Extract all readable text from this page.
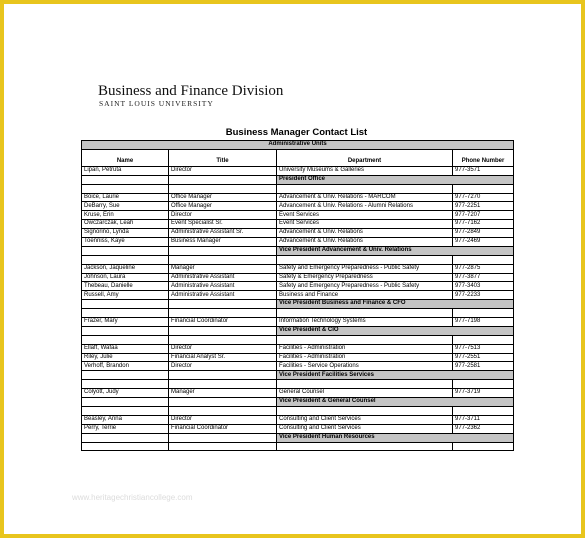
Business and Finance Division
SAINT LOUIS UNIVERSITY
www.heritagechristiancollege.com
Business Manager Contact List
Administrative Units			
Name	Title	Department	Phone Number
Lipan, Petruta	Director	University Museums & Galleries	977-3571
		President Office	

Boice, Laurie	Office Manager	Advancement & Univ. Relations - MARCOM	977-7270
DeBarry, Sue	Office Manager	Advancement & Univ. Relations - Alumni Relations	977-2251
Kruse, Erin	Director	Event Services	977-7207
Owczarczak, Leah	Event Specialist Sr.	Event Services	977-7162
Signorino, Lynda	Administrative Assistant Sr.	Advancement & Univ. Relations	977-2849
Toenniss, Kaye	Business Manager	Advancement & Univ. Relations	977-2469
		Vice President Advancement & Univ. Relations	

Jackson, Jaqueline	Manager	Safety and Emergency Preparedness - Public Safety	977-2875
Johnson, Laura	Administrative Assistant	Safety & Emergency Preparedness	977-3877
Thebeau, Danielle	Administrative Assistant	Safety and Emergency Preparedness - Public Safety	977-3403
Russell, Amy	Administrative Assistant	Business and Finance	977-2233
		Vice President Business and Finance & CFO	

Frazer, Mary	Financial Coordinator	Information Technology Systems	977-7198
		Vice President & CIO	

Ellaff, Wafaa	Director	Facilities - Administration	977-7513
Riley, Julie	Financial Analyst Sr.	Facilities - Administration	977-2551
Verhoff, Brandon	Director	Facilities - Service Operations	977-2581
		Vice President Facilities Services	

Colyott, Judy	Manager	General Counsel	977-3719
		Vice President & General Counsel	

Beasley, Anna	Director	Consulting and Client Services	977-3711
Perry, Terrie	Financial Coordinator	Consulting and Client Services	977-2362
		Vice President Human Resources	
